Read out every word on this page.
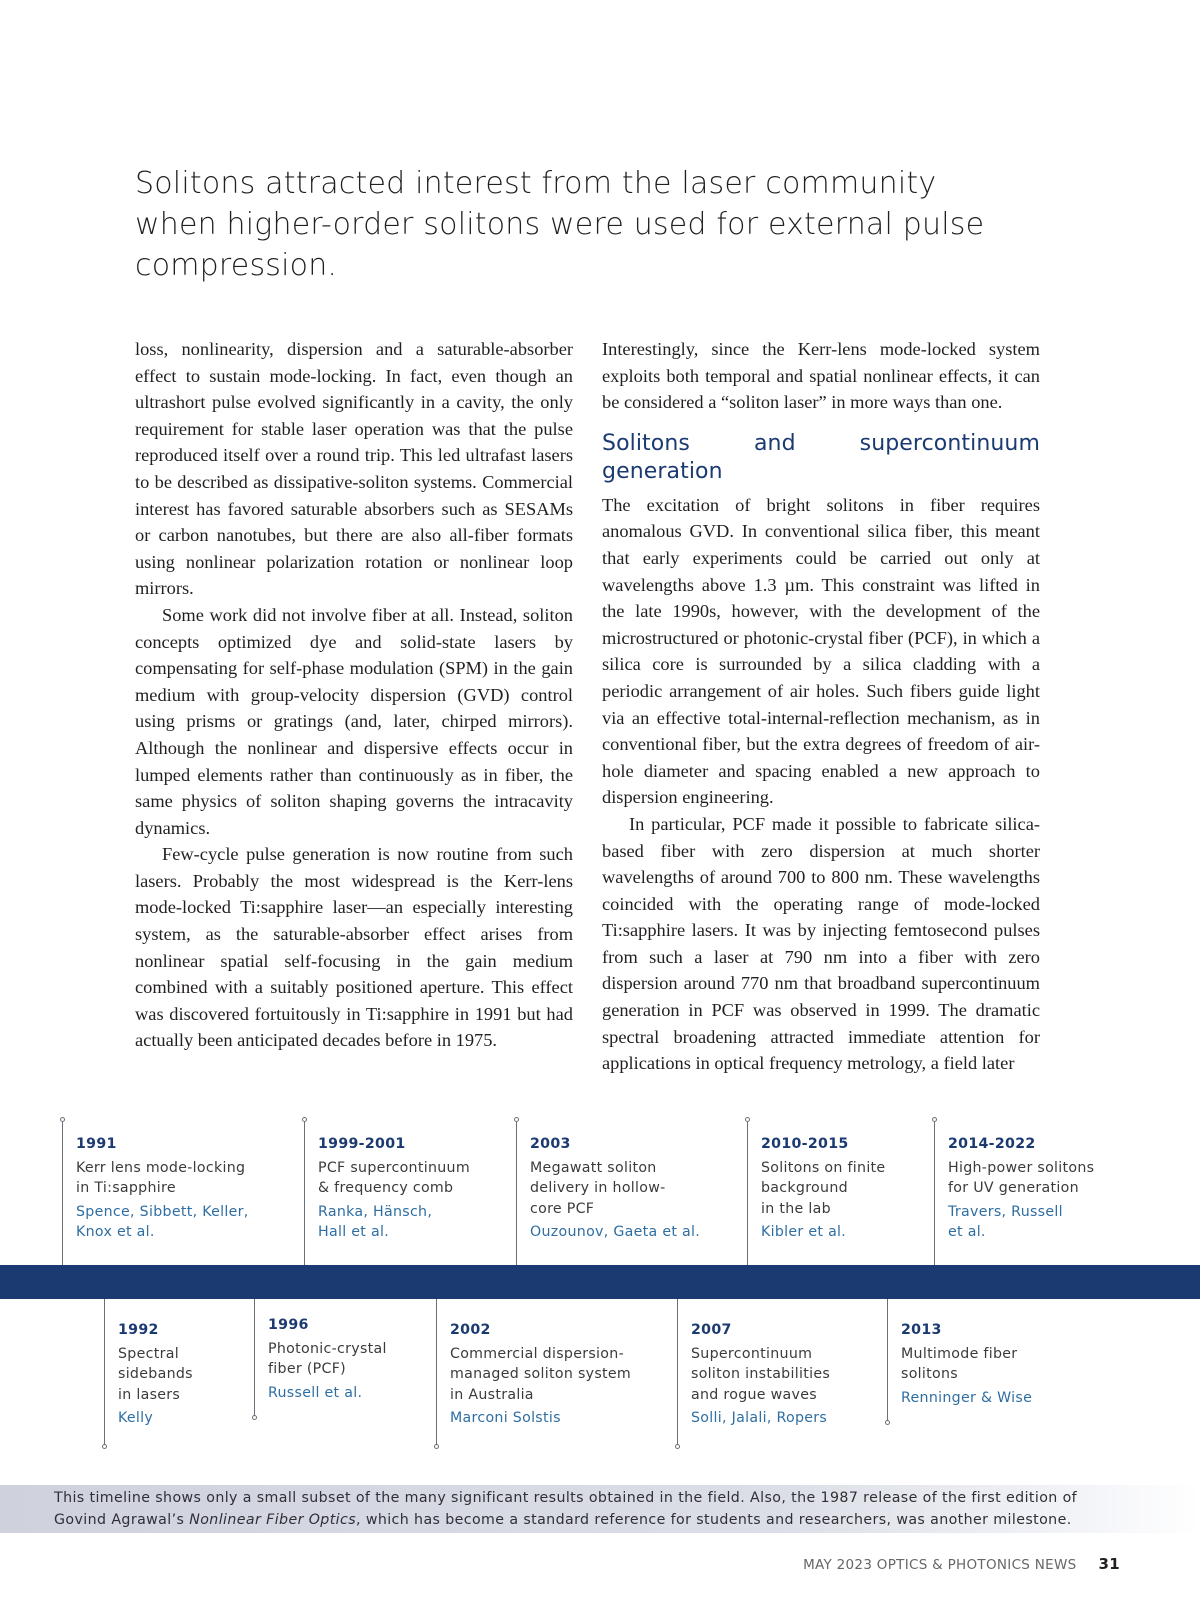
Solitons attracted interest from the laser community when higher-order solitons were used for external pulse compression.

loss, nonlinearity, dispersion and a saturable-absorber effect to sustain mode-locking. In fact, even though an ultrashort pulse evolved significantly in a cavity, the only requirement for stable laser operation was that the pulse reproduced itself over a round trip. This led ultrafast lasers to be described as dissipative-soliton systems. Commercial interest has favored saturable absorbers such as SESAMs or carbon nanotubes, but there are also all-fiber formats using nonlinear polarization rotation or nonlinear loop mirrors.

Some work did not involve fiber at all. Instead, soliton concepts optimized dye and solid-state lasers by compensating for self-phase modulation (SPM) in the gain medium with group-velocity dispersion (GVD) control using prisms or gratings (and, later, chirped mirrors). Although the nonlinear and dispersive effects occur in lumped elements rather than continuously as in fiber, the same physics of soliton shaping governs the intracavity dynamics.

Few-cycle pulse generation is now routine from such lasers. Probably the most widespread is the Kerr-lens mode-locked Ti:sapphire laser—an especially interesting system, as the saturable-absorber effect arises from nonlinear spatial self-focusing in the gain medium combined with a suitably positioned aperture. This effect was discovered fortuitously in Ti:sapphire in 1991 but had actually been anticipated decades before in 1975.

Interestingly, since the Kerr-lens mode-locked system exploits both temporal and spatial nonlinear effects, it can be considered a “soliton laser” in more ways than one.

Solitons and supercontinuum generation

The excitation of bright solitons in fiber requires anomalous GVD. In conventional silica fiber, this meant that early experiments could be carried out only at wavelengths above 1.3 µm. This constraint was lifted in the late 1990s, however, with the development of the microstructured or photonic-crystal fiber (PCF), in which a silica core is surrounded by a silica cladding with a periodic arrangement of air holes. Such fibers guide light via an effective total-internal-reflection mechanism, as in conventional fiber, but the extra degrees of freedom of air-hole diameter and spacing enabled a new approach to dispersion engineering.

In particular, PCF made it possible to fabricate silica-based fiber with zero dispersion at much shorter wavelengths of around 700 to 800 nm. These wavelengths coincided with the operating range of mode-locked Ti:sapphire lasers. It was by injecting femtosecond pulses from such a laser at 790 nm into a fiber with zero dispersion around 770 nm that broadband supercontinuum generation in PCF was observed in 1999. The dramatic spectral broadening attracted immediate attention for applications in optical frequency metrology, a field later

1991
Kerr lens mode-locking
in Ti:sapphire
Spence, Sibbett, Keller,
Knox et al.
1999-2001
PCF supercontinuum
& frequency comb
Ranka, Hänsch,
Hall et al.
2003
Megawatt soliton
delivery in hollow-
core PCF
Ouzounov, Gaeta et al.
2010-2015
Solitons on finite
background
in the lab
Kibler et al.
2014-2022
High-power solitons
for UV generation
Travers, Russell
et al.
1992
Spectral
sidebands
in lasers
Kelly
1996
Photonic-crystal
fiber (PCF)
Russell et al.
2002
Commercial dispersion-
managed soliton system
in Australia
Marconi Solstis
2007
Supercontinuum
soliton instabilities
and rogue waves
Solli, Jalali, Ropers
2013
Multimode fiber
solitons
Renninger & Wise
This timeline shows only a small subset of the many significant results obtained in the field. Also, the 1987 release of the first edition of Govind Agrawal’s Nonlinear Fiber Optics, which has become a standard reference for students and researchers, was another milestone.
MAY 2023 OPTICS & PHOTONICS NEWS 31
